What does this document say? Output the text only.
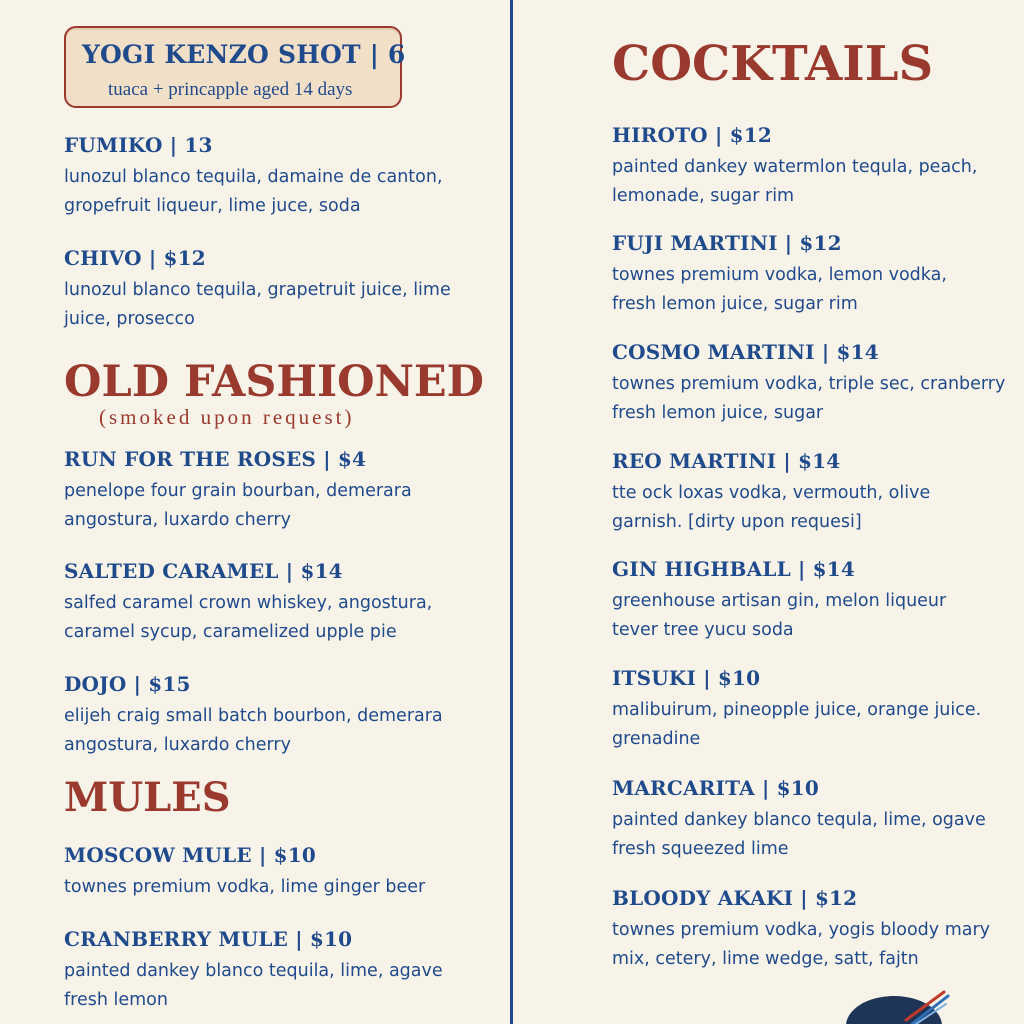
YOGI KENZO SHOT | 6
tuaca + princapple aged 14 days
FUMIKO | 13
lunozul blanco tequila, damaine de canton,
gropefruit liqueur, lime juce, soda
CHIVO | $12
lunozul blanco tequila, grapetruit juice, lime
juice, prosecco
OLD FASHIONED
(smoked upon request)
RUN FOR THE ROSES | $4
penelope four grain bourban, demerara
angostura, luxardo cherry
SALTED CARAMEL | $14
salfed caramel crown whiskey, angostura,
caramel sycup, caramelized upple pie
DOJO | $15
elijeh craig small batch bourbon, demerara
angostura, luxardo cherry
MULES
MOSCOW MULE | $10
townes premium vodka, lime ginger beer
CRANBERRY MULE | $10
painted dankey blanco tequila, lime, agave
fresh lemon
COCKTAILS
HIROTO | $12
painted dankey watermlon tequla, peach,
lemonade, sugar rim
FUJI MARTINI | $12
townes premium vodka, lemon vodka,
fresh lemon juice, sugar rim
COSMO MARTINI | $14
townes premium vodka, triple sec, cranberry
fresh lemon juice, sugar
REO MARTINI | $14
tte ock loxas vodka, vermouth, olive
garnish. [dirty upon requesi]
GIN HIGHBALL | $14
greenhouse artisan gin, melon liqueur
tever tree yucu soda
ITSUKI | $10
malibuirum, pineopple juice, orange juice.
grenadine
MARCARITA | $10
painted dankey blanco tequla, lime, ogave
fresh squeezed lime
BLOODY AKAKI | $12
townes premium vodka, yogis bloody mary
mix, cetery, lime wedge, satt, fajtn
